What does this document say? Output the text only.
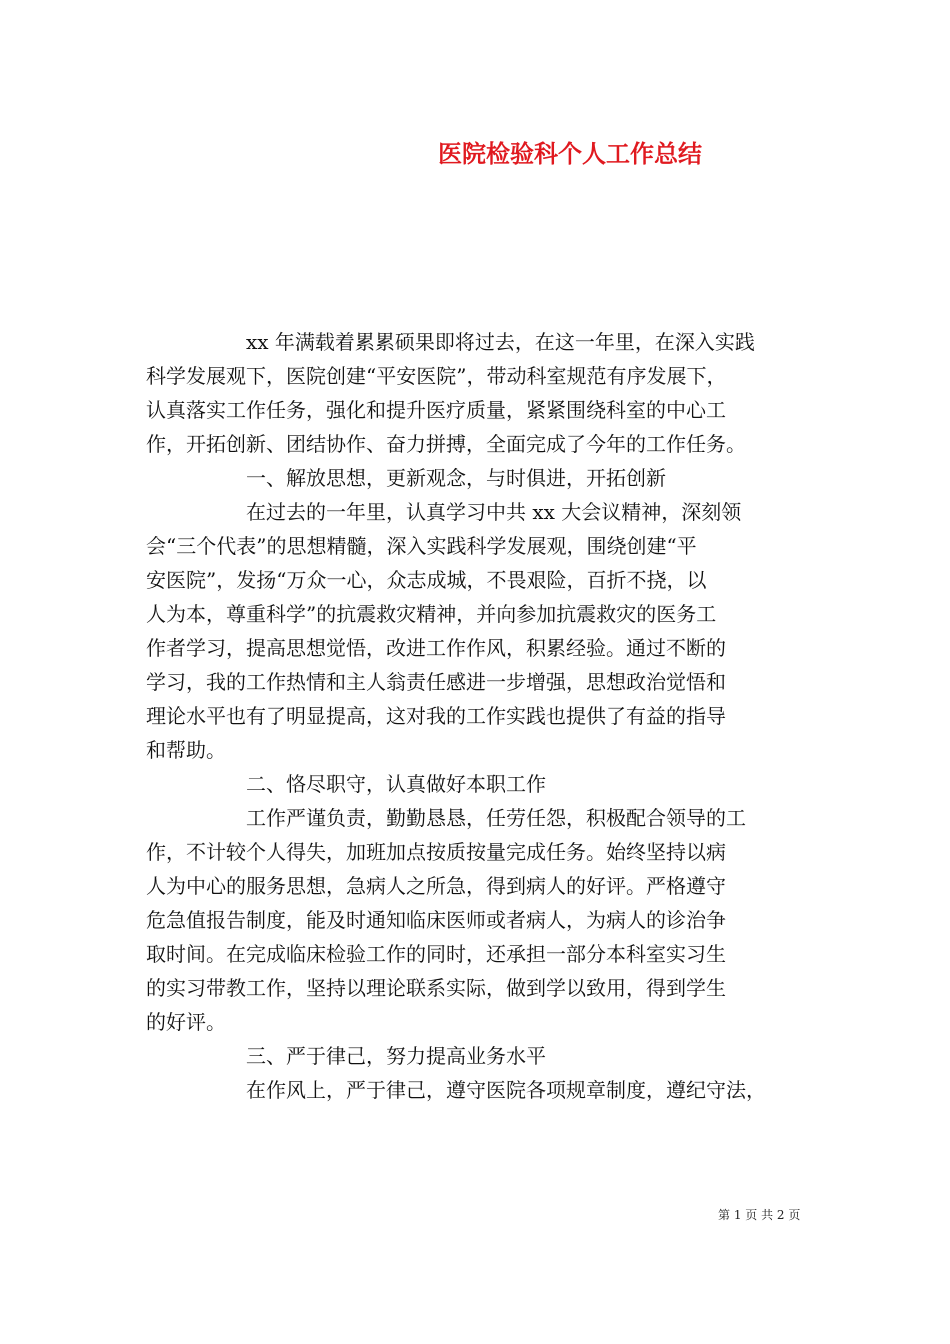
医院检验科个人工作总结
　　　　　xx 年满载着累累硕果即将过去，在这一年里，在深入实践
科学发展观下，医院创建“平安医院”，带动科室规范有序发展下，
认真落实工作任务，强化和提升医疗质量，紧紧围绕科室的中心工
作，开拓创新、团结协作、奋力拼搏，全面完成了今年的工作任务。
　　　　　一、解放思想，更新观念，与时俱进，开拓创新
　　　　　在过去的一年里，认真学习中共 xx 大会议精神，深刻领
会“三个代表”的思想精髓，深入实践科学发展观，围绕创建“平
安医院”，发扬“万众一心，众志成城，不畏艰险，百折不挠，以
人为本，尊重科学”的抗震救灾精神，并向参加抗震救灾的医务工
作者学习，提高思想觉悟，改进工作作风，积累经验。通过不断的
学习，我的工作热情和主人翁责任感进一步增强，思想政治觉悟和
理论水平也有了明显提高，这对我的工作实践也提供了有益的指导
和帮助。
　　　　　二、恪尽职守，认真做好本职工作
　　　　　工作严谨负责，勤勤恳恳，任劳任怨，积极配合领导的工
作，不计较个人得失，加班加点按质按量完成任务。始终坚持以病
人为中心的服务思想，急病人之所急，得到病人的好评。严格遵守
危急值报告制度，能及时通知临床医师或者病人，为病人的诊治争
取时间。在完成临床检验工作的同时，还承担一部分本科室实习生
的实习带教工作，坚持以理论联系实际，做到学以致用，得到学生
的好评。
　　　　　三、严于律己，努力提高业务水平
　　　　　在作风上，严于律己，遵守医院各项规章制度，遵纪守法，
第 1 页 共 2 页
